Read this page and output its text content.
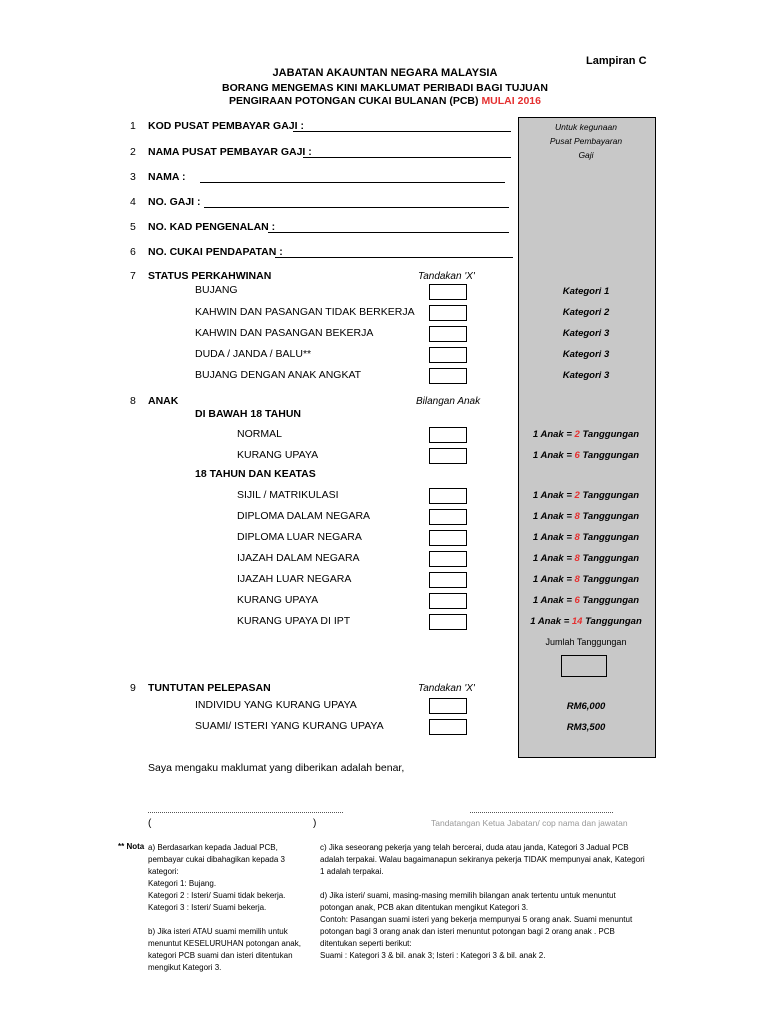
Lampiran C
JABATAN AKAUNTAN NEGARA MALAYSIA
BORANG MENGEMAS KINI MAKLUMAT PERIBADI BAGI TUJUAN
PENGIRAAN POTONGAN CUKAI BULANAN (PCB) MULAI 2016
Untuk kegunaan
Pusat Pembayaran
Gaji
1 KOD PUSAT PEMBAYAR GAJI :
2 NAMA PUSAT PEMBAYAR GAJI :
3 NAMA :
4 NO. GAJI :
5 NO. KAD PENGENALAN :
6 NO. CUKAI PENDAPATAN :
7 STATUS PERKAHWINAN	Tandakan 'X'
BUJANG	Kategori 1
KAHWIN DAN PASANGAN TIDAK BERKERJA	Kategori 2
KAHWIN DAN PASANGAN BEKERJA	Kategori 3
DUDA / JANDA / BALU**	Kategori 3
BUJANG DENGAN ANAK ANGKAT	Kategori 3
8 ANAK	Bilangan Anak
DI BAWAH 18 TAHUN
NORMAL	1 Anak = 2 Tanggungan
KURANG UPAYA	1 Anak = 6 Tanggungan
18 TAHUN DAN KEATAS
SIJIL / MATRIKULASI	1 Anak = 2 Tanggungan
DIPLOMA DALAM NEGARA	1 Anak = 8 Tanggungan
DIPLOMA LUAR NEGARA	1 Anak = 8 Tanggungan
IJAZAH DALAM NEGARA	1 Anak = 8 Tanggungan
IJAZAH LUAR NEGARA	1 Anak = 8 Tanggungan
KURANG UPAYA	1 Anak = 6 Tanggungan
KURANG UPAYA DI IPT	1 Anak = 14 Tanggungan
Jumlah Tanggungan
9 TUNTUTAN PELEPASAN	Tandakan 'X'
INDIVIDU YANG KURANG UPAYA	RM6,000
SUAMI/ ISTERI YANG KURANG UPAYA	RM3,500
Saya mengaku maklumat yang diberikan adalah benar,
(	)	Tandatangan Ketua Jabatan/ cop nama dan jawatan
** Nota a) Berdasarkan kepada Jadual PCB, pembayar cukai dibahagikan kepada 3 kategori:
Kategori 1: Bujang.
Kategori 2 : Isteri/ Suami tidak bekerja.
Kategori 3 : Isteri/ Suami bekerja.
b) Jika isteri ATAU suami memilih untuk menuntut KESELURUHAN potongan anak, kategori PCB suami dan isteri ditentukan mengikut Kategori 3.
c) Jika seseorang pekerja yang telah bercerai, duda atau janda, Kategori 3 Jadual PCB adalah terpakai. Walau bagaimanapun sekiranya pekerja TIDAK mempunyai anak, Kategori 1 adalah terpakai.
d) Jika isteri/ suami, masing-masing memilih bilangan anak tertentu untuk menuntut potongan anak, PCB akan ditentukan mengikut Kategori 3.
Contoh: Pasangan suami isteri yang bekerja mempunyai 5 orang anak. Suami menuntut potongan bagi 3 orang anak dan isteri menuntut potongan bagi 2 orang anak . PCB ditentukan seperti berikut:
Suami : Kategori 3 & bil. anak 3; Isteri : Kategori 3 & bil. anak 2.
